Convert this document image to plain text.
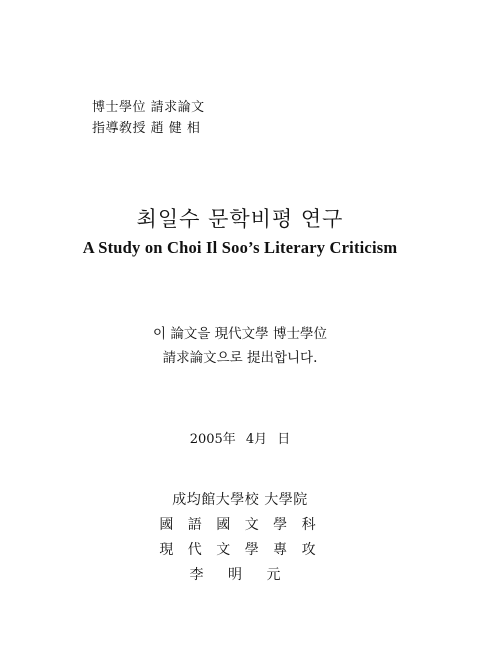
博士學位 請求論文
指導敎授 趙 健 相
최일수 문학비평 연구
A Study on Choi Il Soo’s Literary Criticism
이 論文을 現代文學 博士學位
請求論文으로 提出합니다.
2005年 4月 日
成均館大學校 大學院
國 語 國 文 學 科
現 代 文 學 專 攻
李 明 元
